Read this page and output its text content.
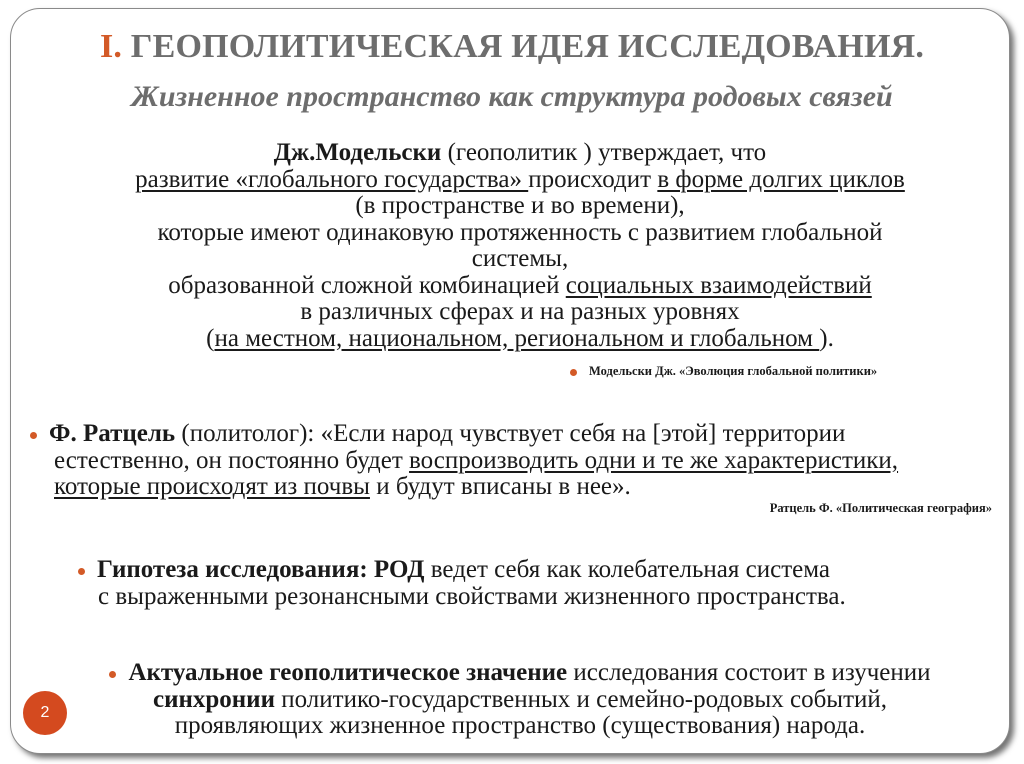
I. ГЕОПОЛИТИЧЕСКАЯ ИДЕЯ ИССЛЕДОВАНИЯ.
Жизненное пространство как структура родовых связей
Дж.Модельски (геополитик ) утверждает, что
развитие «глобального государства» происходит в форме долгих циклов
(в пространстве и во времени),
которые имеют одинаковую протяженность с развитием глобальной
системы,
образованной сложной комбинацией социальных взаимодействий
в различных сферах и на разных уровнях
(на местном, национальном, региональном и глобальном ).
Модельски Дж. «Эволюция глобальной политики»
Ф. Ратцель (политолог): «Если народ чувствует себя на [этой] территории
естественно, он постоянно будет воспроизводить одни и те же характеристики,
которые происходят из почвы и будут вписаны в нее».
Ратцель Ф. «Политическая география»
Гипотеза исследования: РОД ведет себя как колебательная система
с выраженными резонансными свойствами жизненного пространства.
Актуальное геополитическое значение исследования состоит в изучении
синхронии политико-государственных и семейно-родовых событий,
проявляющих жизненное пространство (существования) народа.
2
